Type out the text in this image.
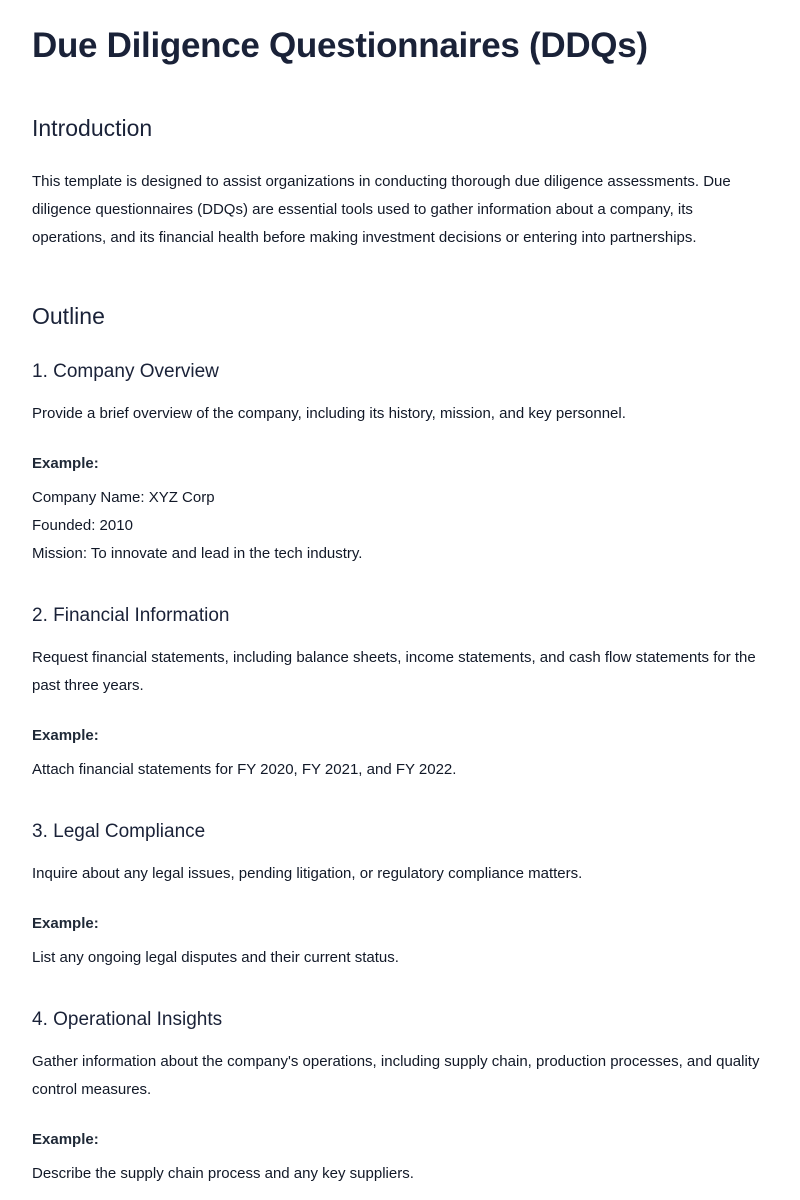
Due Diligence Questionnaires (DDQs)
Introduction

This template is designed to assist organizations in conducting thorough due diligence assessments. Due diligence questionnaires (DDQs) are essential tools used to gather information about a company, its operations, and its financial health before making investment decisions or entering into partnerships.

Outline
1. Company Overview

Provide a brief overview of the company, including its history, mission, and key personnel.

Example:

Company Name: XYZ Corp

Founded: 2010

Mission: To innovate and lead in the tech industry.

2. Financial Information

Request financial statements, including balance sheets, income statements, and cash flow statements for the past three years.

Example:

Attach financial statements for FY 2020, FY 2021, and FY 2022.

3. Legal Compliance

Inquire about any legal issues, pending litigation, or regulatory compliance matters.

Example:

List any ongoing legal disputes and their current status.

4. Operational Insights

Gather information about the company's operations, including supply chain, production processes, and quality control measures.

Example:

Describe the supply chain process and any key suppliers.
